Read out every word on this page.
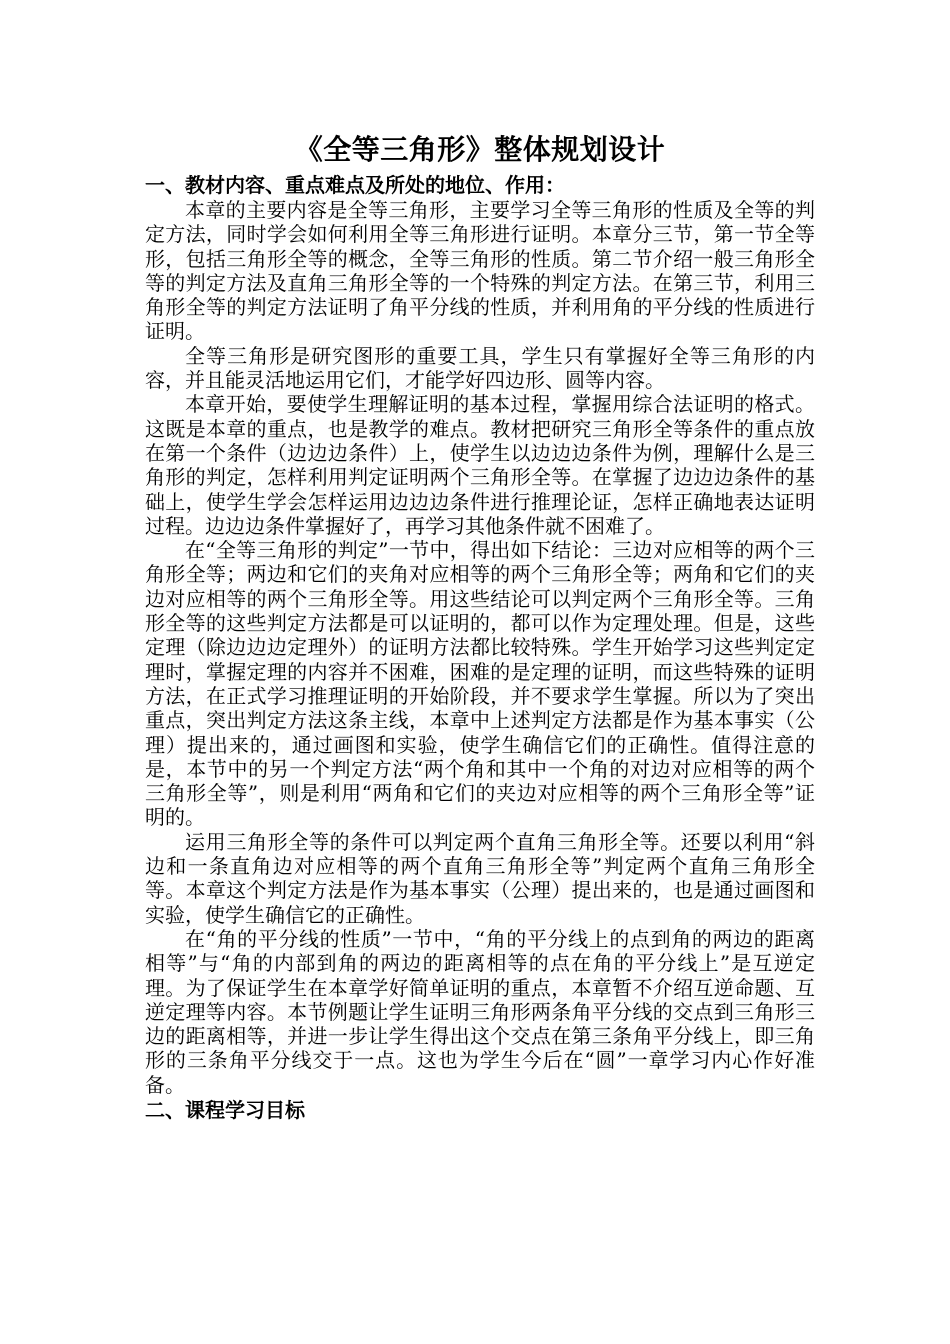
《全等三角形》整体规划设计
一、教材内容、重点难点及所处的地位、作用：

本章的主要内容是全等三角形，主要学习全等三角形的性质及全等的判定方法，同时学会如何利用全等三角形进行证明。本章分三节，第一节全等形，包括三角形全等的概念，全等三角形的性质。第二节介绍一般三角形全等的判定方法及直角三角形全等的一个特殊的判定方法。在第三节，利用三角形全等的判定方法证明了角平分线的性质，并利用角的平分线的性质进行证明。

全等三角形是研究图形的重要工具，学生只有掌握好全等三角形的内容，并且能灵活地运用它们，才能学好四边形、圆等内容。

本章开始，要使学生理解证明的基本过程，掌握用综合法证明的格式。这既是本章的重点，也是教学的难点。教材把研究三角形全等条件的重点放在第一个条件（边边边条件）上，使学生以边边边条件为例，理解什么是三角形的判定，怎样利用判定证明两个三角形全等。在掌握了边边边条件的基础上，使学生学会怎样运用边边边条件进行推理论证，怎样正确地表达证明过程。边边边条件掌握好了，再学习其他条件就不困难了。

在“全等三角形的判定”一节中，得出如下结论：三边对应相等的两个三角形全等；两边和它们的夹角对应相等的两个三角形全等；两角和它们的夹边对应相等的两个三角形全等。用这些结论可以判定两个三角形全等。三角形全等的这些判定方法都是可以证明的，都可以作为定理处理。但是，这些定理（除边边边定理外）的证明方法都比较特殊。学生开始学习这些判定定理时，掌握定理的内容并不困难，困难的是定理的证明，而这些特殊的证明方法，在正式学习推理证明的开始阶段，并不要求学生掌握。所以为了突出重点，突出判定方法这条主线，本章中上述判定方法都是作为基本事实（公理）提出来的，通过画图和实验，使学生确信它们的正确性。值得注意的是，本节中的另一个判定方法“两个角和其中一个角的对边对应相等的两个三角形全等”，则是利用“两角和它们的夹边对应相等的两个三角形全等”证明的。

运用三角形全等的条件可以判定两个直角三角形全等。还要以利用“斜边和一条直角边对应相等的两个直角三角形全等”判定两个直角三角形全等。本章这个判定方法是作为基本事实（公理）提出来的，也是通过画图和实验，使学生确信它的正确性。

在“角的平分线的性质”一节中，“角的平分线上的点到角的两边的距离相等”与“角的内部到角的两边的距离相等的点在角的平分线上”是互逆定理。为了保证学生在本章学好简单证明的重点，本章暂不介绍互逆命题、互逆定理等内容。本节例题让学生证明三角形两条角平分线的交点到三角形三边的距离相等，并进一步让学生得出这个交点在第三条角平分线上，即三角形的三条角平分线交于一点。这也为学生今后在“圆”一章学习内心作好准备。

二、课程学习目标
